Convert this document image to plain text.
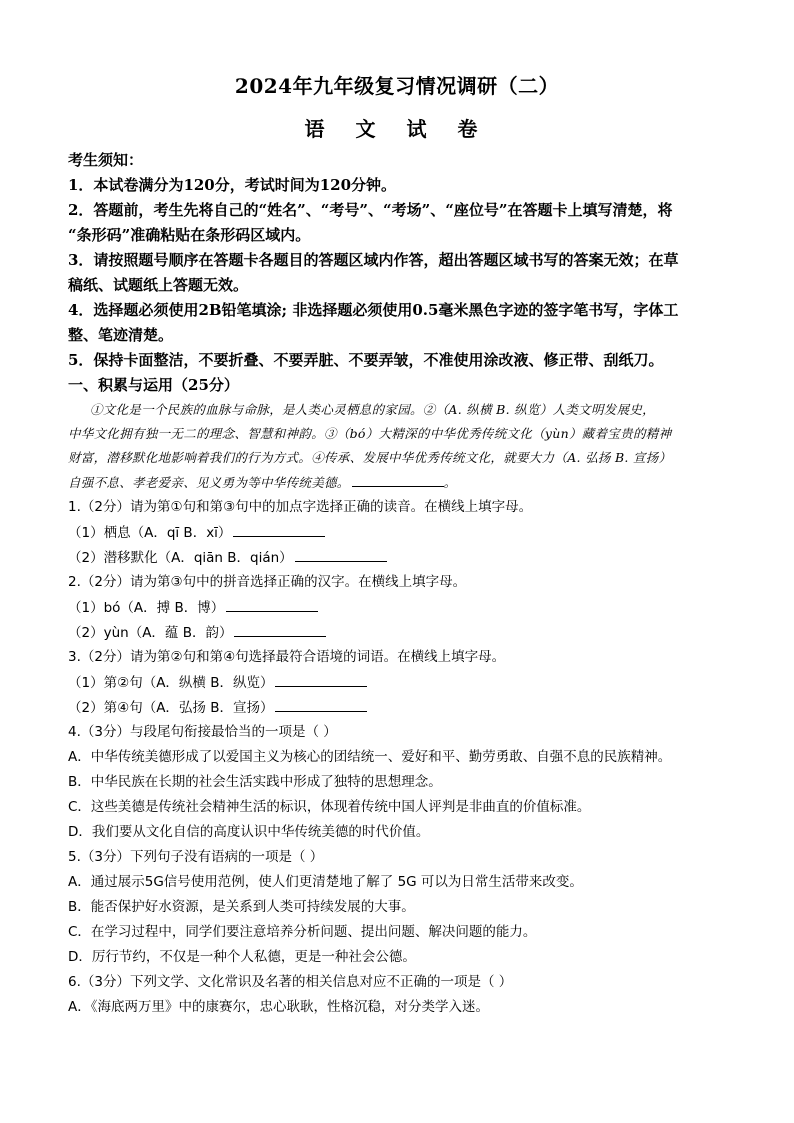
2024年九年级复习情况调研（二）
语 文 试 卷
考生须知：
1．本试卷满分为120分，考试时间为120分钟。
2．答题前，考生先将自己的“姓名”、“考号”、“考场”、“座位号”在答题卡上填写清楚，将
“条形码”准确粘贴在条形码区域内。
3．请按照题号顺序在答题卡各题目的答题区域内作答，超出答题区域书写的答案无效；在草
稿纸、试题纸上答题无效。
4．选择题必须使用2B铅笔填涂; 非选择题必须使用0.5毫米黑色字迹的签字笔书写，字体工
整、笔迹清楚。
5．保持卡面整洁，不要折叠、不要弄脏、不要弄皱，不准使用涂改液、修正带、刮纸刀。
一、积累与运用（25分）
①文化是一个民族的血脉与命脉，是人类心灵栖息的家园。②（A. 纵横 B. 纵览）人类文明发展史，
中华文化拥有独一无二的理念、智慧和神韵。③（bó）大精深的中华优秀传统文化（yùn）藏着宝贵的精神
财富，潜移默化地影响着我们的行为方式。④传承、发展中华优秀传统文化，就要大力（A. 弘扬 B. 宣扬）
自强不息、孝老爱亲、见义勇为等中华传统美德。	。
1.（2分）请为第①句和第③句中的加点字选择正确的读音。在横线上填字母。
（1）栖息（A．qī B．xī）
（2）潜移默化（A．qiān B．qián）
2.（2分）请为第③句中的拼音选择正确的汉字。在横线上填字母。
（1）bó（A．搏 B．博）
（2）yùn（A．蕴 B．韵）
3.（2分）请为第②句和第④句选择最符合语境的词语。在横线上填字母。
（1）第②句（A．纵横 B．纵览）
（2）第④句（A．弘扬 B．宣扬）
4.（3分）与段尾句衔接最恰当的一项是（ ）
A．中华传统美德形成了以爱国主义为核心的团结统一、爱好和平、勤劳勇敢、自强不息的民族精神。
B．中华民族在长期的社会生活实践中形成了独特的思想理念。
C．这些美德是传统社会精神生活的标识，体现着传统中国人评判是非曲直的价值标准。
D．我们要从文化自信的高度认识中华传统美德的时代价值。
5.（3分）下列句子没有语病的一项是（ ）
A．通过展示5G信号使用范例，使人们更清楚地了解了 5G 可以为日常生活带来改变。
B．能否保护好水资源，是关系到人类可持续发展的大事。
C．在学习过程中，同学们要注意培养分析问题、提出问题、解决问题的能力。
D．厉行节约，不仅是一种个人私德，更是一种社会公德。
6.（3分）下列文学、文化常识及名著的相关信息对应不正确的一项是（ ）
A．《海底两万里》中的康赛尔，忠心耿耿，性格沉稳，对分类学入迷。
